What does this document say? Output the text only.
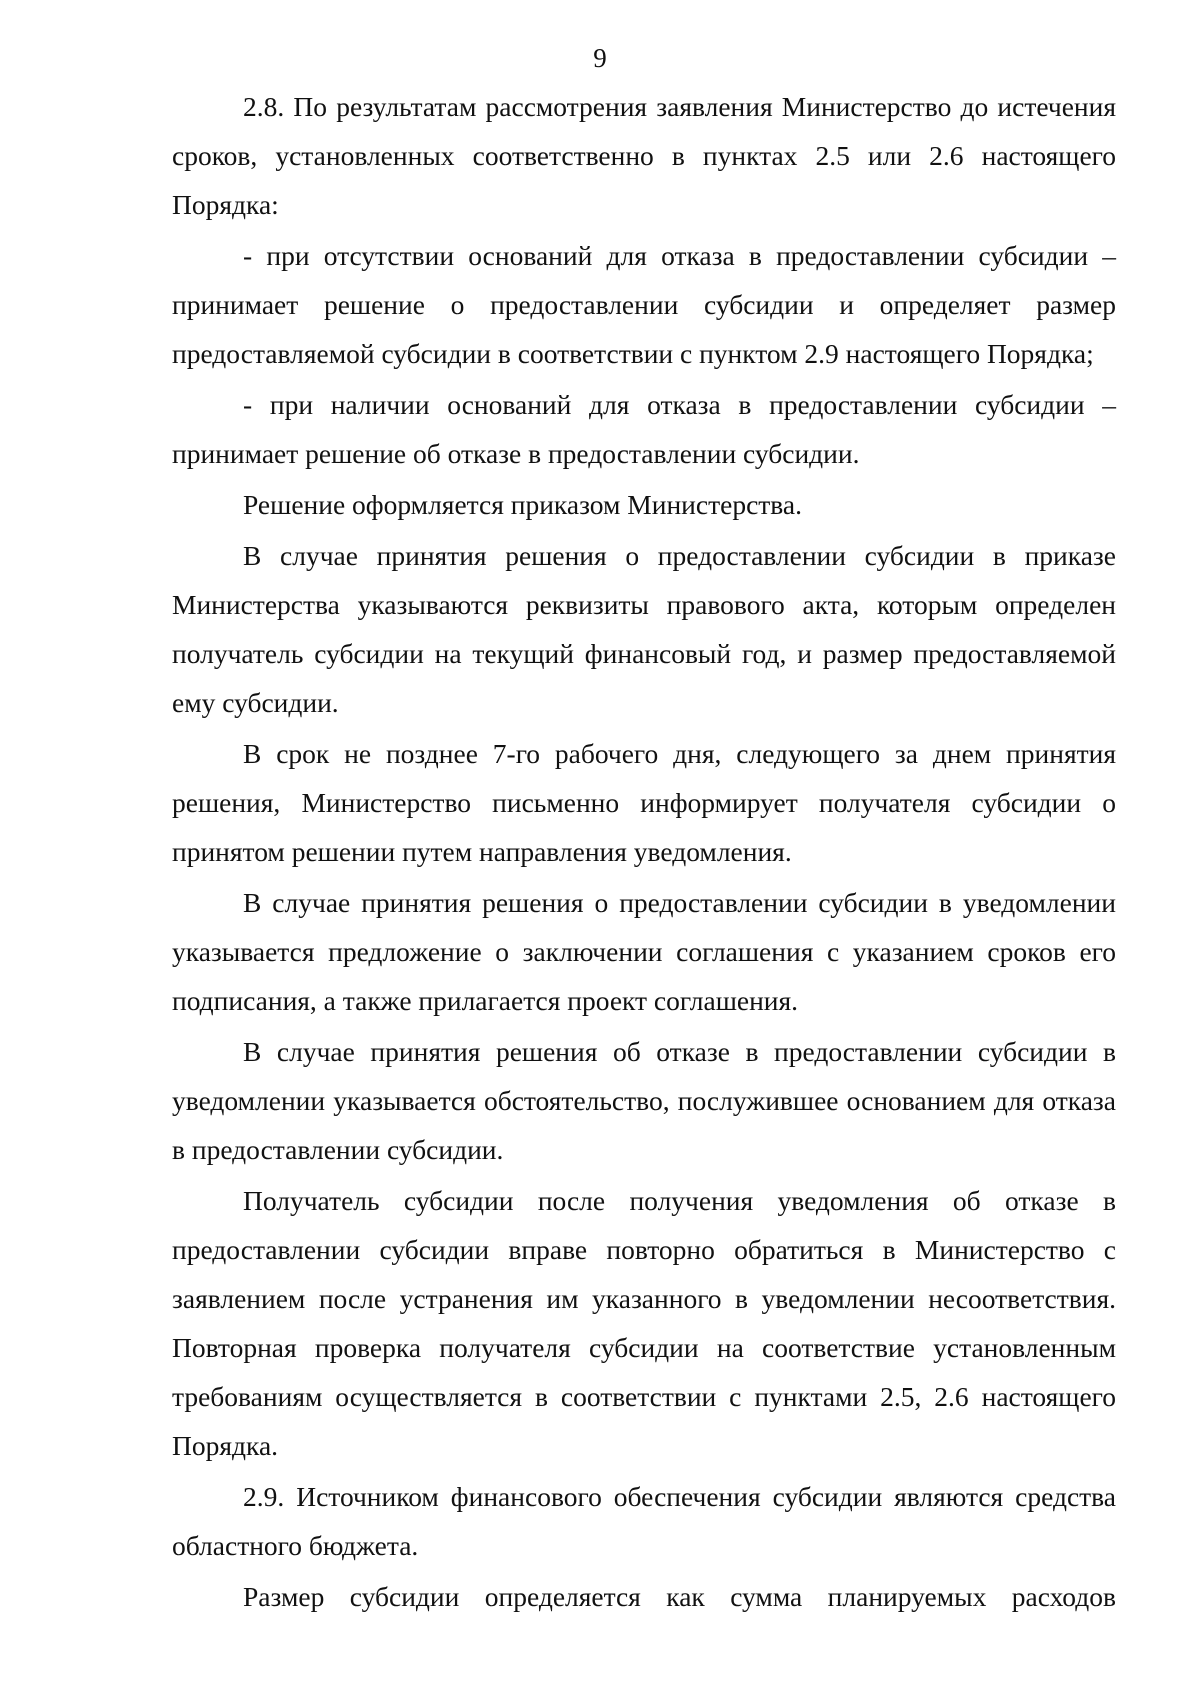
9

2.8. По результатам рассмотрения заявления Министерство до истечения сроков, установленных соответственно в пунктах 2.5 или 2.6 настоящего Порядка:

- при отсутствии оснований для отказа в предоставлении субсидии – принимает решение о предоставлении субсидии и определяет размер предоставляемой субсидии в соответствии с пунктом 2.9 настоящего Порядка;

- при наличии оснований для отказа в предоставлении субсидии – принимает решение об отказе в предоставлении субсидии.

Решение оформляется приказом Министерства.

В случае принятия решения о предоставлении субсидии в приказе Министерства указываются реквизиты правового акта, которым определен получатель субсидии на текущий финансовый год, и размер предоставляемой ему субсидии.

В срок не позднее 7-го рабочего дня, следующего за днем принятия решения, Министерство письменно информирует получателя субсидии о принятом решении путем направления уведомления.

В случае принятия решения о предоставлении субсидии в уведомлении указывается предложение о заключении соглашения с указанием сроков его подписания, а также прилагается проект соглашения.

В случае принятия решения об отказе в предоставлении субсидии в уведомлении указывается обстоятельство, послужившее основанием для отказа в предоставлении субсидии.

Получатель субсидии после получения уведомления об отказе в предоставлении субсидии вправе повторно обратиться в Министерство с заявлением после устранения им указанного в уведомлении несоответствия. Повторная проверка получателя субсидии на соответствие установленным требованиям осуществляется в соответствии с пунктами 2.5, 2.6 настоящего Порядка.

2.9. Источником финансового обеспечения субсидии являются средства областного бюджета.

Размер субсидии определяется как сумма планируемых расходов
